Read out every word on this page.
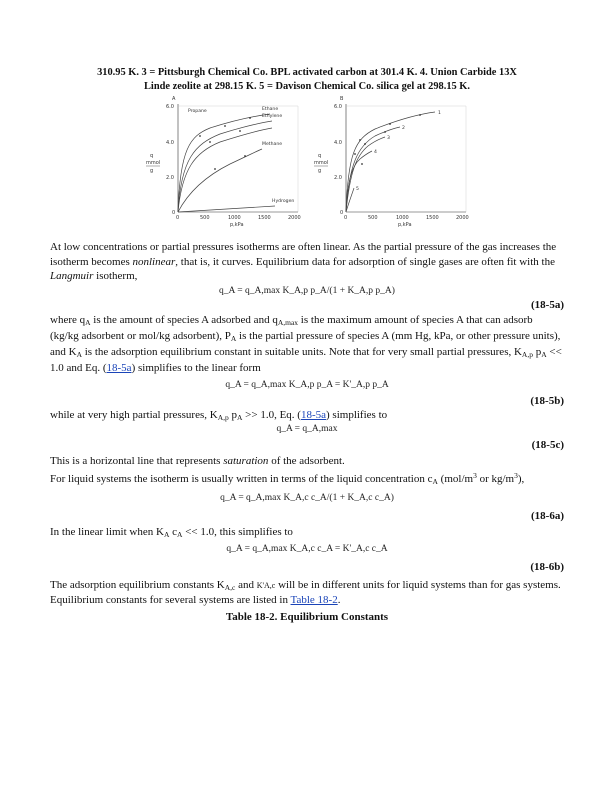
310.95 K. 3 = Pittsburgh Chemical Co. BPL activated carbon at 301.4 K. 4. Union Carbide 13X
Linde zeolite at 298.15 K. 5 = Davison Chemical Co. silica gel at 298.15 K.

A
6.0
4.0
2.0
0
q
mmol
g
0	500	1000	1500	2000
p,kPa
Propane	Ethane
Ethylene
Methane
Hydrogen
B
6.0
4.0
2.0
0
q
mmol
g
0	500	1000	1500	2000
p,kPa
1
2
3
4
5

At low concentrations or partial pressures isotherms are often linear. As the partial pressure of the gas increases the isotherm becomes nonlinear, that is, it curves. Equilibrium data for adsorption of single gases are often fit with the Langmuir isotherm,

q_A = q_A,max K_A,p p_A/(1 + K_A,p p_A)

(18-5a)

where $q_A$ is the amount of species A adsorbed and $q_{A,max}$ is the maximum amount of species A that can adsorb (kg/kg adsorbent or mol/kg adsorbent), $P_A$ is the partial pressure of species A (mm Hg, kPa, or other pressure units), and $K_A$ is the adsorption equilibrium constant in suitable units. Note that for very small partial pressures, $K_{A,p}$ $p_A << 1.0$ and Eq. (18-5a) simplifies to the linear form

q_A = q_A,max K_A,p p_A = K'_A,p p_A

(18-5b)

while at very high partial pressures, $K_{A,p}$ $p_A >> 1.0$, Eq. (18-5a) simplifies to

q_A = q_A,max

(18-5c)

This is a horizontal line that represents saturation of the adsorbent.

For liquid systems the isotherm is usually written in terms of the liquid concentration $c_A$ ($mol/m^3$ or $kg/m^3$),

q_A = q_A,max K_A,c c_A/(1 + K_A,c c_A)

(18-6a)

In the linear limit when $K_A$ $c_A << 1.0$, this simplifies to

q_A = q_A,max K_A,c c_A = K'_A,c c_A

(18-6b)

The adsorption equilibrium constants $K_{A,c}$ and K'A,c will be in different units for liquid systems than for gas systems. Equilibrium constants for several systems are listed in Table 18-2.

Table 18-2. Equilibrium Constants
